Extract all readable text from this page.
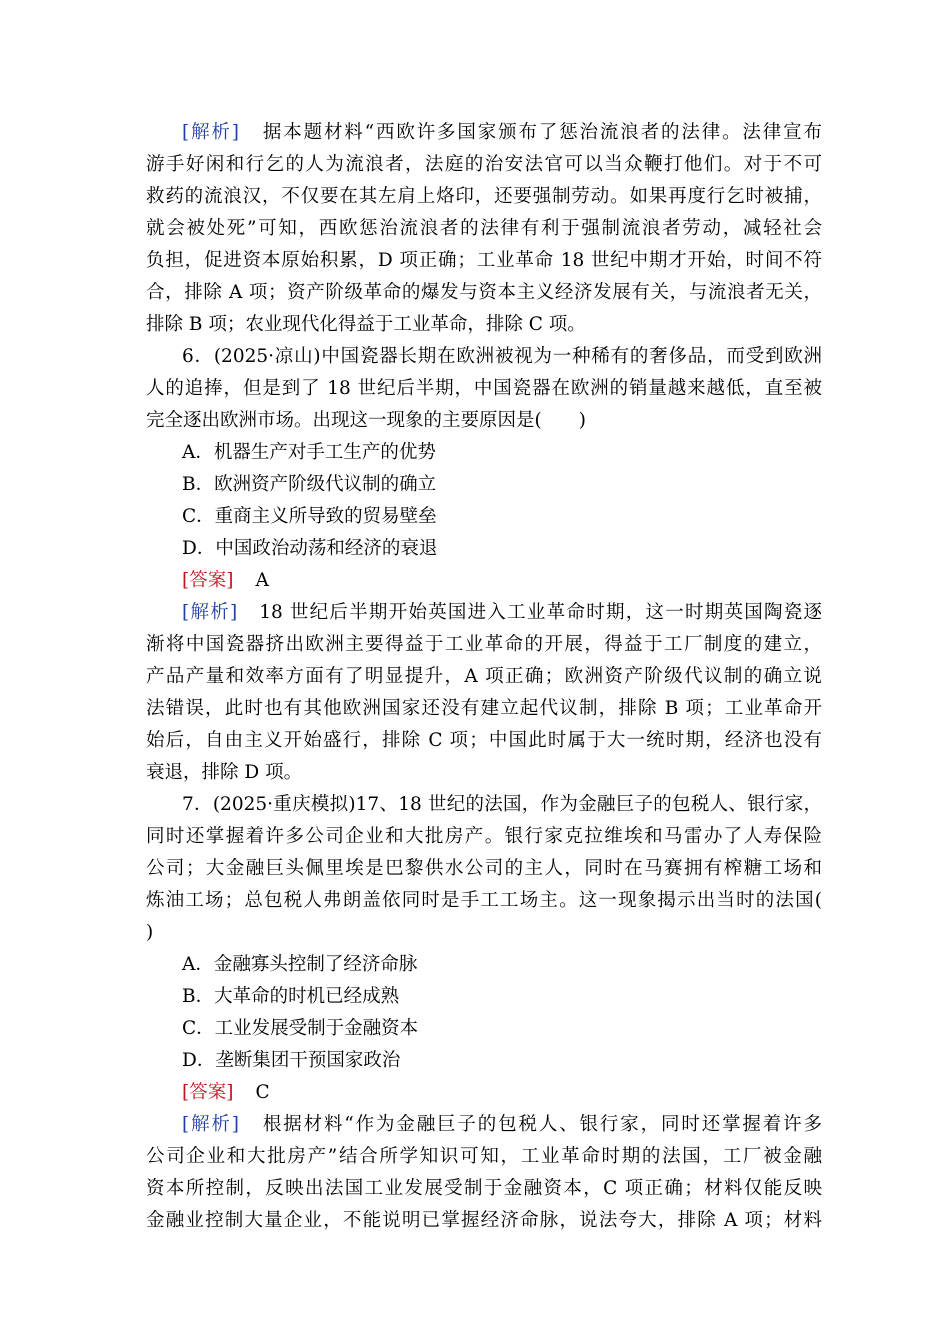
[解析] 据本题材料“西欧许多国家颁布了惩治流浪者的法律。法律宣布
游手好闲和行乞的人为流浪者，法庭的治安法官可以当众鞭打他们。对于不可
救药的流浪汉，不仅要在其左肩上烙印，还要强制劳动。如果再度行乞时被捕，
就会被处死”可知，西欧惩治流浪者的法律有利于强制流浪者劳动，减轻社会
负担，促进资本原始积累，D 项正确；工业革命 18 世纪中期才开始，时间不符
合，排除 A 项；资产阶级革命的爆发与资本主义经济发展有关，与流浪者无关，
排除 B 项；农业现代化得益于工业革命，排除 C 项。
6．(2025·凉山)中国瓷器长期在欧洲被视为一种稀有的奢侈品，而受到欧洲
人的追捧，但是到了 18 世纪后半期，中国瓷器在欧洲的销量越来越低，直至被
完全逐出欧洲市场。出现这一现象的主要原因是(　　)
A．机器生产对手工生产的优势
B．欧洲资产阶级代议制的确立
C．重商主义所导致的贸易壁垒
D．中国政治动荡和经济的衰退
[答案] A
[解析] 18 世纪后半期开始英国进入工业革命时期，这一时期英国陶瓷逐
渐将中国瓷器挤出欧洲主要得益于工业革命的开展，得益于工厂制度的建立，
产品产量和效率方面有了明显提升，A 项正确；欧洲资产阶级代议制的确立说
法错误，此时也有其他欧洲国家还没有建立起代议制，排除 B 项；工业革命开
始后，自由主义开始盛行，排除 C 项；中国此时属于大一统时期，经济也没有
衰退，排除 D 项。
7．(2025·重庆模拟)17、18 世纪的法国，作为金融巨子的包税人、银行家，
同时还掌握着许多公司企业和大批房产。银行家克拉维埃和马雷办了人寿保险
公司；大金融巨头佩里埃是巴黎供水公司的主人，同时在马赛拥有榨糖工场和
炼油工场；总包税人弗朗盖依同时是手工工场主。这一现象揭示出当时的法国(
)
A．金融寡头控制了经济命脉
B．大革命的时机已经成熟
C．工业发展受制于金融资本
D．垄断集团干预国家政治
[答案] C
[解析] 根据材料“作为金融巨子的包税人、银行家，同时还掌握着许多
公司企业和大批房产”结合所学知识可知，工业革命时期的法国，工厂被金融
资本所控制，反映出法国工业发展受制于金融资本，C 项正确；材料仅能反映
金融业控制大量企业，不能说明已掌握经济命脉，说法夸大，排除 A 项；材料
